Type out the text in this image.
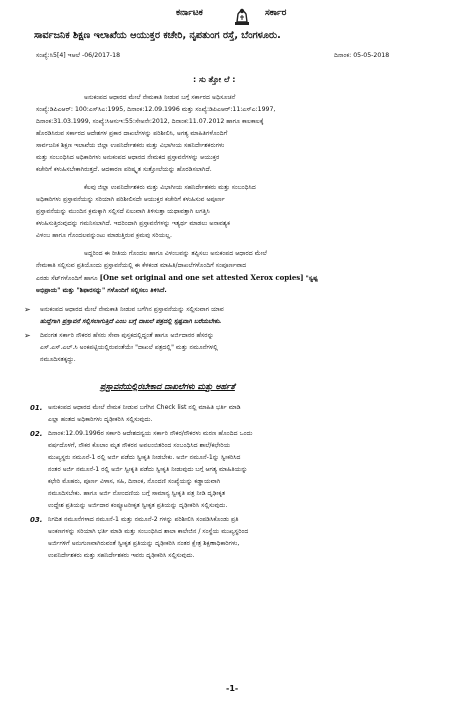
ಕರ್ನಾಟಕ	ಸರ್ಕಾರ
ಸಾರ್ವಜನಿಕ ಶಿಕ್ಷಣ ಇಲಾಖೆಯ ಆಯುಕ್ತರ ಕಚೇರಿ, ನೃಪತುಂಗ ರಸ್ತೆ, ಬೆಂಗಳೂರು.
ಸಂಖ್ಯೆ:ಸಿ5[4] ಇಆಲೆ -06/2017-18	ದಿನಾಂಕ: 05-05-2018
: ಸು ತ್ತೋ ಲೆ :
ಅನುಕಂಪದ ಆಧಾರದ ಮೇಲೆ ನೇಮಕಾತಿ ನೀಡುವ ಬಗ್ಗೆ ಸರ್ಕಾರದ ಅಧಿಸೂಚನೆ
ಸಂಖ್ಯೆ:ಡಿಪಿಎಆರ್: 100:ಎಸ್‌ಸಿಎ:1995, ದಿನಾಂಕ:12.09.1996 ಮತ್ತು ಸಂಖ್ಯೆ:ಡಿಪಿಎಆರ್:11:ಎಸ್‌ಎ:1997,
ದಿನಾಂಕ:31.03.1999, ಸಂಖ್ಯೆ:ಸಿಆಸುಇ:55:ಸೇಅನೇ:2012, ದಿನಾಂಕ:11.07.2012 ಹಾಗೂ ಕಾಲಕಾಲಕ್ಕೆ
ಹೊರಡಿಸಿರುವ ಸರ್ಕಾರದ ಆದೇಶಗಳ ಪ್ರಕಾರ ದಾಖಲೆಗಳನ್ನು ಪರಿಶೀಲಿಸಿ, ಅಗತ್ಯ ಮಾಹಿತಿಗಳೊಂದಿಗೆ
ಸಾರ್ವಜನಿಕ ಶಿಕ್ಷಣ ಇಲಾಖೆಯ ಜಿಲ್ಲಾ ಉಪನಿರ್ದೇಶಕರು ಮತ್ತು ವಿಭಾಗೀಯ ಸಹನಿರ್ದೇಶಕರುಗಳು
ಮತ್ತು ಸಂಬಂಧಿಸಿದ ಅಧಿಕಾರಿಗಳು ಅನುಕಂಪದ ಆಧಾರದ ನೇಮಕದ ಪ್ರಸ್ತಾವನೆಗಳನ್ನು ಆಯುಕ್ತರ
ಕಚೇರಿಗೆ ಕಳುಹಿಸಬೇಕಾಗಿರುತ್ತದೆ. ಆದಕಾರಣ ಪರಿಷ್ಕೃತ ಸುತ್ತೋಲೆಯನ್ನು ಹೊರಡಿಸಲಾಗಿದೆ.
ಕೆಲವು ಜಿಲ್ಲಾ ಉಪನಿರ್ದೇಶಕರು ಮತ್ತು ವಿಭಾಗೀಯ ಸಹನಿರ್ದೇಶಕರು ಮತ್ತು ಸಂಬಂಧಿಸಿದ
ಅಧಿಕಾರಿಗಳು ಪ್ರಸ್ತಾವನೆಯನ್ನು ಸರಿಯಾಗಿ ಪರಿಶೀಲಿಸದೇ ಆಯುಕ್ತರ ಕಚೇರಿಗೆ ಕಳುಹಿಸುವ ಅಪೂರ್ಣ
ಪ್ರಸ್ತಾವನೆಯನ್ನು ಮುಂದಿನ ಕ್ರಮಕ್ಕಾಗಿ ಸಲ್ಲಿಸದೆ ಏಲುವಾಗಿ ತಿಳಿಸುತ್ತಾ ಯಥಾವತ್ತಾಗಿ ಲಗತ್ತಿಸಿ
ಕಳುಹಿಸುತ್ತಿರುವುದನ್ನು ಗಮನಿಸಲಾಗಿದೆ. ಇದರಿಂದಾಗಿ ಪ್ರಸ್ತಾವನೆಗಳನ್ನು ಇತ್ಯರ್ಥ ಮಾಡಲು ಅನಾವಶ್ಯಕ
ವಿಳಂಬ ಹಾಗೂ ಗೊಂದಲವನ್ನುಂಟು ಮಾಡುತ್ತಿರುವ ಕ್ರಮವು ಸರಿಯಲ್ಲ.
ಅದ್ದರಿಂದ ಈ ರೀತಿಯ ಗೊಂದಲ ಹಾಗೂ ವಿಳಂಬವನ್ನು ತಪ್ಪಿಸಲು ಅನುಕಂಪದ ಆಧಾರದ ಮೇಲೆ
ನೇಮಕಾತಿ ಸಲ್ಲಿಸುವ ಪ್ರತಿಯೊಂದು ಪ್ರಸ್ತಾವನೆಯಲ್ಲಿ ಈ ಕೆಳಕಂಡ ಮಾಹಿತಿ/ದಾಖಲೆಗಳೊಂದಿಗೆ ಸಂಪೂರ್ಣವಾದ
ಎರಡು ಸೆಟ್‌ಗಳೊಂದಿಗೆ ಹಾಗೂ [One set original and one set attested Xerox copies] "ಸ್ವಷ್ಟ
ಅಭಿಪ್ರಾಯ" ಮತ್ತು "ಶಿಫಾರಸನ್ನು" ಗಳೊಂದಿಗೆ ಸಲ್ಲಿಸಲು ತಿಳಿಸಿದೆ.
➢ ಅನುಕಂಪದ ಆಧಾರದ ಮೇಲೆ ನೇಮಕಾತಿ ನೀಡುವ ಬಗೆಗಿನ ಪ್ರಸ್ತಾವನೆಯನ್ನು ಸಲ್ಲಿಸುವಾಗ ಯಾವ
ಹುದ್ದೆಗಾಗಿ ಪ್ರಸ್ತಾವನೆ ಸಲ್ಲಿಸಲಾಗುತ್ತಿದೆ ಎಂಬ ಬಗ್ಗೆ ದಾಖಲೆ ಪತ್ರದಲ್ಲಿ ಸ್ಪಷ್ಟವಾಗಿ ಬರೆಯಬೇಕು.
➢ ದಿವಂಗತ ಸರ್ಕಾರಿ ನೌಕರರ ಹೆಸರು ಸೇವಾ ಪುಸ್ತಕದಲ್ಲಿದ್ದಂತೆ ಹಾಗೂ ಅರ್ಜಿದಾರರ ಹೆಸರನ್ನು
ಎಸ್.ಎಸ್.ಎಲ್.ಸಿ ಅಂಕಪಟ್ಟಿಯಲ್ಲಿರುವಂತೆಯೇ "ದಾಖಲೆ ಪತ್ರದಲ್ಲಿ" ಮತ್ತು ನಮೂನೆಗಳಲ್ಲಿ
ನಮೂದಿಸತಕ್ಕದ್ದು.
ಪ್ರಸ್ತಾವನೆಯಲ್ಲಿರಬೇಕಾದ ದಾಖಲೆಗಳು ಮತ್ತು ಅರ್ಹತೆ
01. ಅನುಕಂಪದ ಆಧಾರದ ಮೇಲೆ ನೇಮಕ ನೀಡುವ ಬಗೆಗಿನ Check list ನಲ್ಲಿ ಮಾಹಿತಿ ಭರ್ತಿ ಮಾಡಿ
ಎಲ್ಲಾ ಹಂತದ ಅಧಿಕಾರಿಗಳು ದೃಢೀಕರಿಸಿ ಸಲ್ಲಿಸುವುದು.
02. ದಿನಾಂಕ:12.09.1996ರ ಸರ್ಕಾರಿ ಆದೇಶದನ್ವಯ ಸರ್ಕಾರಿ ನೌಕರ/ನೌಕರಳು ಮರಣ ಹೊಂದಿದ ಒಂದು
ವರ್ಷದೊಳಗೆ, ನೌಕರ ಕೊಲಾಂ ಮೃತ ನೌಕರನ ಅವಲಂಬಿತರಿಂದ ಸಂಬಂಧಿಸಿದ ಶಾಲೆ/ಕಛೇರಿಯ
ಮುಖ್ಯಸ್ಥರು ನಮೂನೆ-1 ರಲ್ಲಿ ಅರ್ಜಿ ಪಡೆದು ಸ್ವೀಕೃತಿ ನೀಡಬೇಕು. ಅರ್ಜಿ ನಮೂನೆ-1ನ್ನು ಸ್ವೀಕರಿಸಿದ
ನಂತರ ಅರ್ಜಿ ನಮೂನೆ-1 ರಲ್ಲಿ ಅರ್ಜಿ ಸ್ವೀಕೃತಿ ಪಡೆದು ಸ್ವೀಕೃತಿ ನೀಡುವುದು ಬಗ್ಗೆ ಆಗತ್ಯ ಮಾಹಿತಿಯನ್ನು
ಕಛೇರಿ ಮೊಹರು, ಪೂರ್ಣ ವಿಳಾಸ, ಸಹಿ, ದಿನಾಂಕ, ನೊಂದಣಿ ಸಂಖ್ಯೆಯನ್ನು ಕಡ್ಡಾಯವಾಗಿ
ನಮೂದಿಸಬೇಕು. ಹಾಗೂ ಅರ್ಜಿ ನೋಂದಣಿಯ ಬಗ್ಗೆ ಸಾಮಾನ್ಯ ಸ್ವೀಕೃತಿ ಪತ್ರ ನೀಡಿ ದೃಢೀಕೃತ
ಉದ್ದೇಶ ಪ್ರತಿಯನ್ನು ಅರ್ಜಿದಾರ ಕಂಪ್ಯೂಟರೀಕೃತ ಸ್ವೀಕೃತ ಪ್ರತಿಯನ್ನು ದೃಢೀಕರಿಸಿ ಸಲ್ಲಿಸುವುದು.
03. ನಿಗದಿತ ನಮೂನೆಗಳಾದ ನಮೂನೆ-1 ಮತ್ತು ನಮೂನೆ-2 ಗಳನ್ನು ಪರಿಶೀಲಿಸಿ ಸಂಪಡಿಸಿಕೊಂಡು ಪ್ರತಿ
ಅಂಕಣಗಳನ್ನು ಸರಿಯಾಗಿ ಭರ್ತಿ ಮಾಡಿ ಮತ್ತು ಸಂಬಂಧಿಸಿದ ಶಾಲಾ ಕಾಲೇಜಿನ / ಸಂಸ್ಥೆಯ ಮುಖ್ಯಸ್ಥರಿಂದ
ಅರ್ಜಿಗಳಿಗೆ ಅನುಗುಣವಾಗಿರುವಂತೆ ಸ್ವೀಕೃತ ಪ್ರತಿಯನ್ನು ದೃಢೀಕರಿಸಿ ನಂತರ ಕ್ಷೇತ್ರ ಶಿಕ್ಷಣಾಧಿಕಾರಿಗಳು,
ಉಪನಿರ್ದೇಶಕರು ಮತ್ತು ಸಹನಿರ್ದೇಶಕರು ಇವರು ದೃಢೀಕರಿಸಿ ಸಲ್ಲಿಸುವುದು.
-1-
